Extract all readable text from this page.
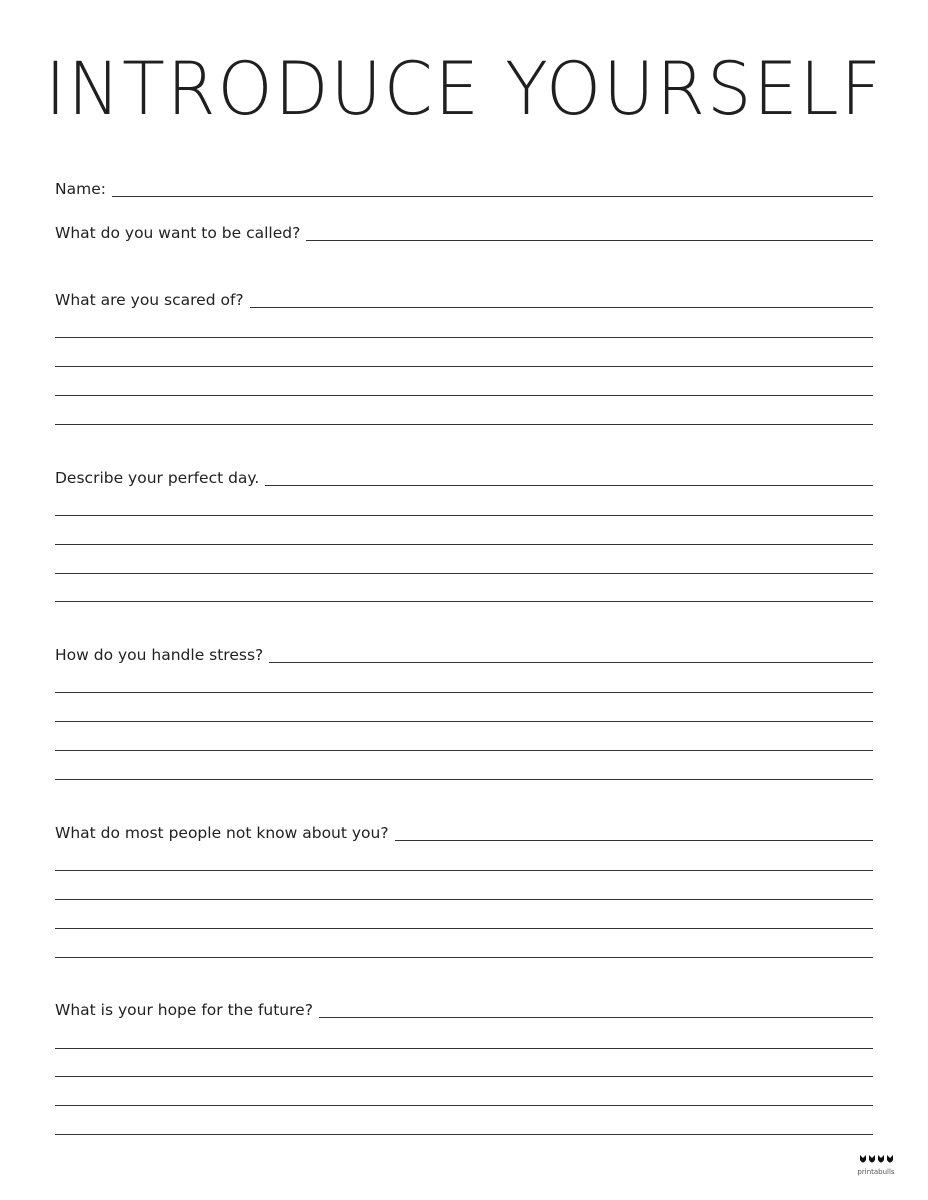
INTRODUCE YOURSELF
Name:
What do you want to be called?
What are you scared of?
Describe your perfect day.
How do you handle stress?
What do most people not know about you?
What is your hope for the future?
printabulls
